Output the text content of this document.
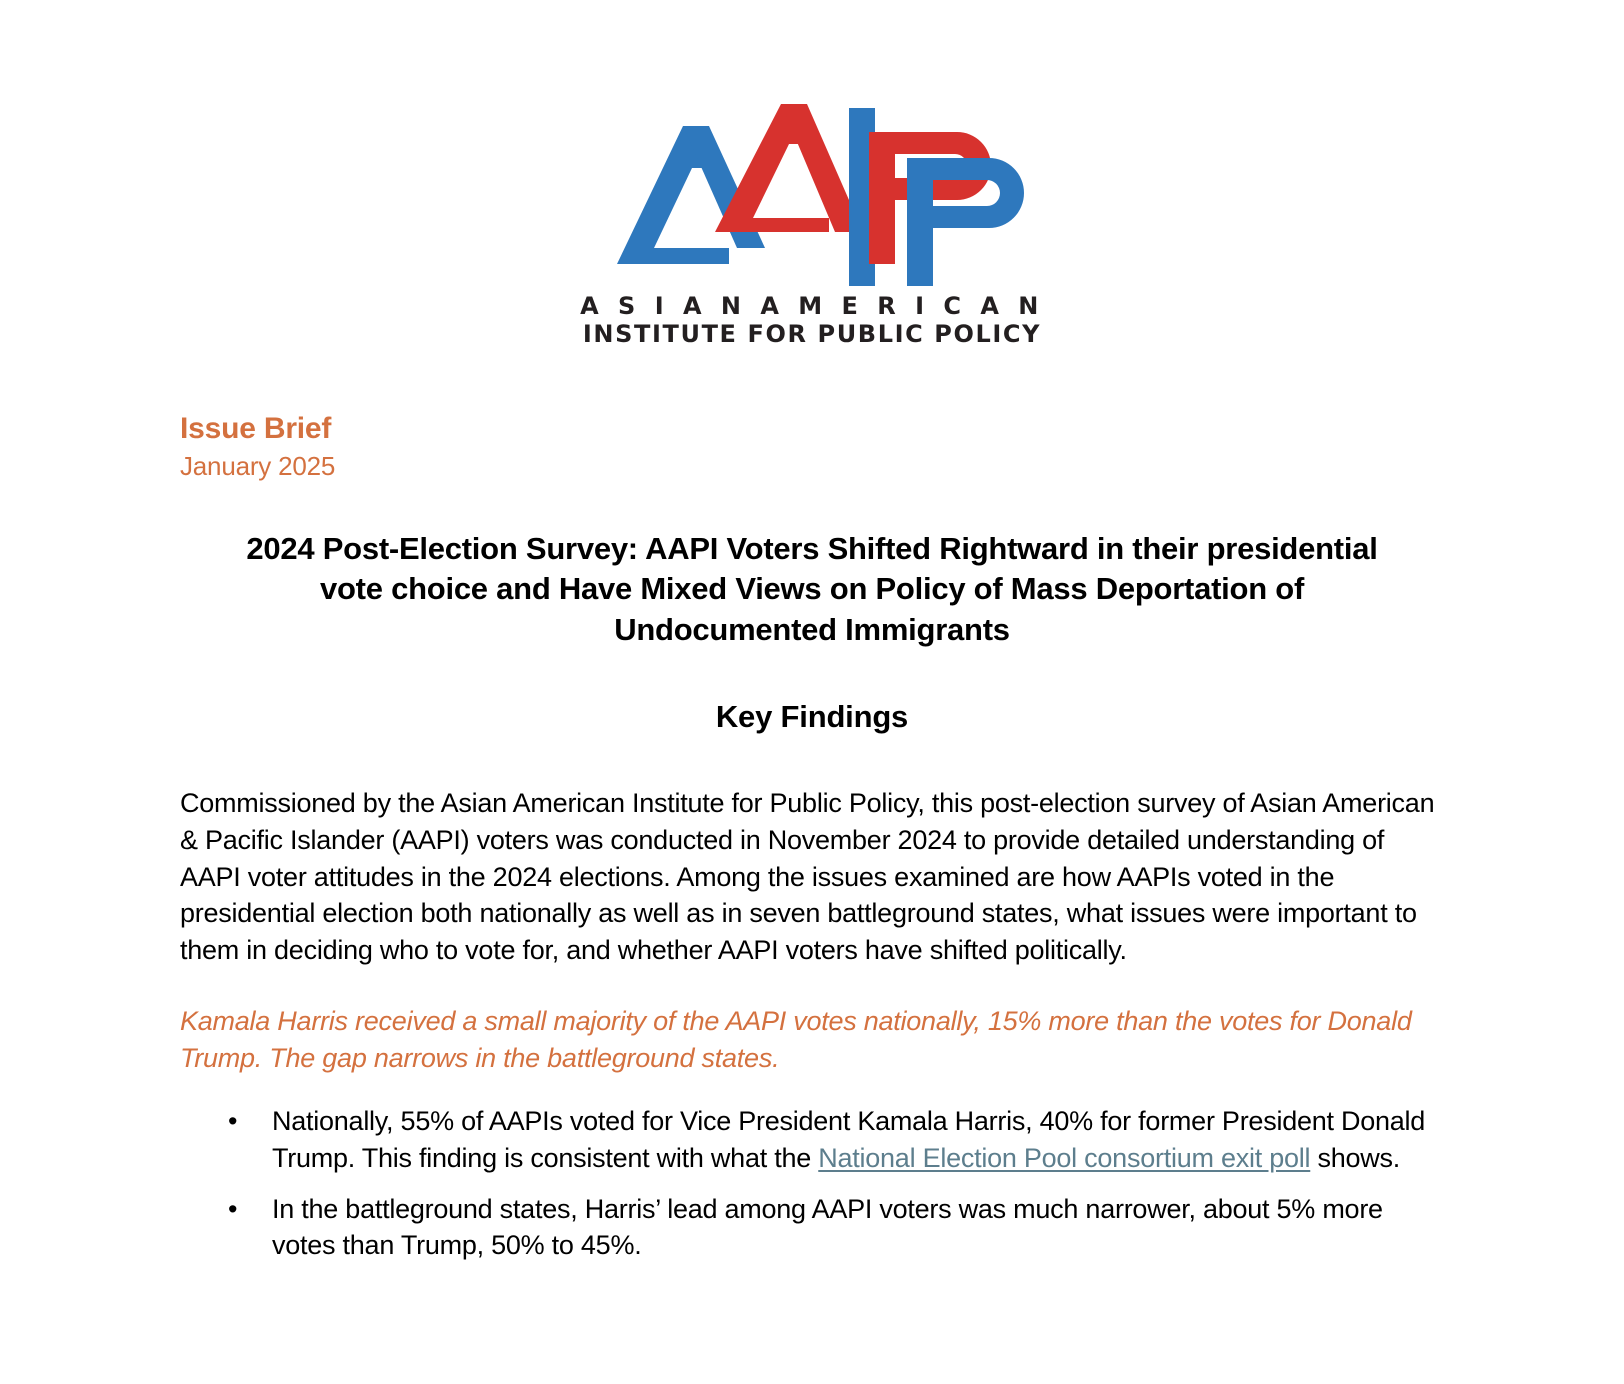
A S I A N A M E R I C A N
INSTITUTE FOR PUBLIC POLICY
Issue Brief
January 2025
2024 Post-Election Survey: AAPI Voters Shifted Rightward in their presidential vote choice and Have Mixed Views on Policy of Mass Deportation of Undocumented Immigrants
Key Findings

Commissioned by the Asian American Institute for Public Policy, this post-election survey of Asian American & Pacific Islander (AAPI) voters was conducted in November 2024 to provide detailed understanding of AAPI voter attitudes in the 2024 elections. Among the issues examined are how AAPIs voted in the presidential election both nationally as well as in seven battleground states, what issues were important to them in deciding who to vote for, and whether AAPI voters have shifted politically.

Kamala Harris received a small majority of the AAPI votes nationally, 15% more than the votes for Donald Trump. The gap narrows in the battleground states.

• Nationally, 55% of AAPIs voted for Vice President Kamala Harris, 40% for former President Donald Trump. This finding is consistent with what the National Election Pool consortium exit poll shows.
• In the battleground states, Harris’ lead among AAPI voters was much narrower, about 5% more votes than Trump, 50% to 45%.
